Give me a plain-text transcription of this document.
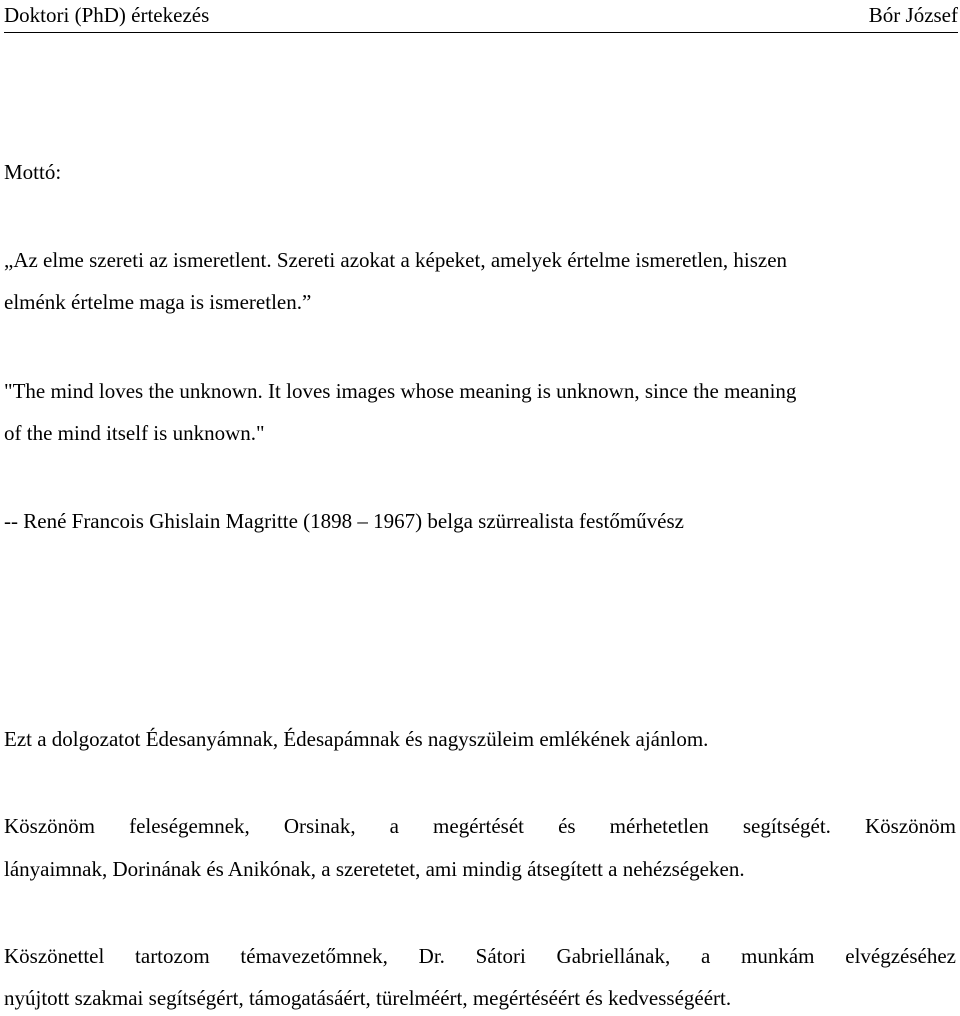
Doktori (PhD) értekezés	Bór József

Mottó:

„Az elme szereti az ismeretlent. Szereti azokat a képeket, amelyek értelme ismeretlen, hiszen

elménk értelme maga is ismeretlen.”

"The mind loves the unknown. It loves images whose meaning is unknown, since the meaning

of the mind itself is unknown."

-- René Francois Ghislain Magritte (1898 – 1967) belga szürrealista festőművész

Ezt a dolgozatot Édesanyámnak, Édesapámnak és nagyszüleim emlékének ajánlom.

Köszönöm feleségemnek, Orsinak, a megértését és mérhetetlen segítségét. Köszönöm

lányaimnak, Dorinának és Anikónak, a szeretetet, ami mindig átsegített a nehézségeken.

Köszönettel tartozom témavezetőmnek, Dr. Sátori Gabriellának, a munkám elvégzéséhez

nyújtott szakmai segítségért, támogatásáért, türelméért, megértéséért és kedvességéért.
